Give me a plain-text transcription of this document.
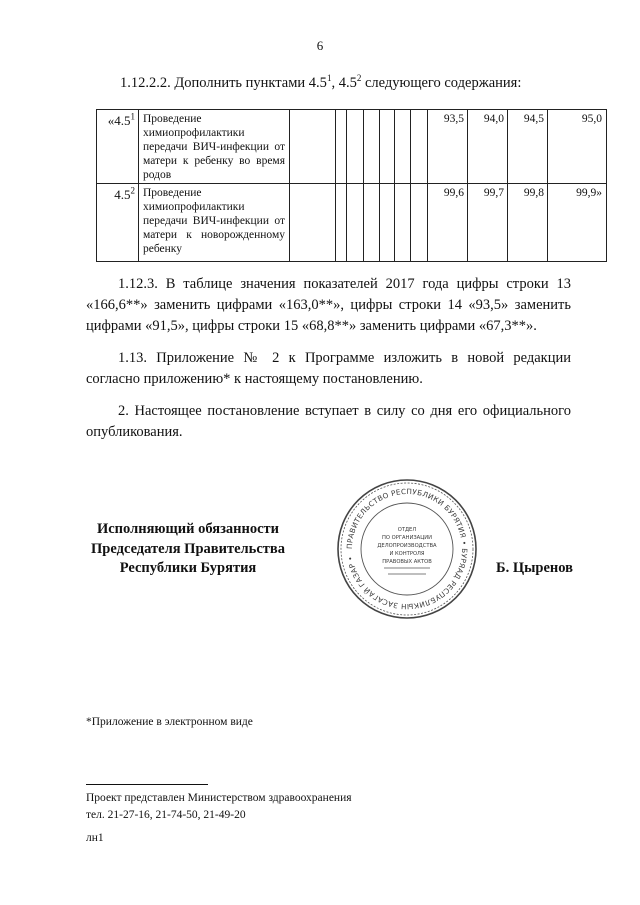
6
1.12.2.2. Дополнить пунктами $4.5^1$, $4.5^2$ следующего содержания:
«$4.5^1$	Проведение химиопрофилактики передачи ВИЧ-инфекции от матери к ребенку во время родов								93,5	94,0	94,5	95,0
$4.5^2$	Проведение химиопрофилактики передачи ВИЧ-инфекции от матери к новорожденному ребенку								99,6	99,7	99,8	99,9»
1.12.3. В таблице значения показателей 2017 года цифры строки 13 «166,6**» заменить цифрами «163,0**», цифры строки 14 «93,5» заменить цифрами «91,5», цифры строки 15 «68,8**» заменить цифрами «67,3**».
1.13. Приложение № 2 к Программе изложить в новой редакции согласно приложению* к настоящему постановлению.
2. Настоящее постановление вступает в силу со дня его официального опубликования.
Исполняющий обязанности
Председателя Правительства
Республики Бурятия
ПРАВИТЕЛЬСТВО РЕСПУБЛИКИ БУРЯТИЯ • БУРЯАД РЕСПУБЛИКЫН ЗАСАГАЙ ГАЗАР •
ОТДЕЛ
ПО ОРГАНИЗАЦИИ
ДЕЛОПРОИЗВОДСТВА
И КОНТРОЛЯ
ПРАВОВЫХ АКТОВ	Б. Цыренов
*Приложение в электронном виде
Проект представлен Министерством здравоохранения
тел. 21-27-16, 21-74-50, 21-49-20
лн1
